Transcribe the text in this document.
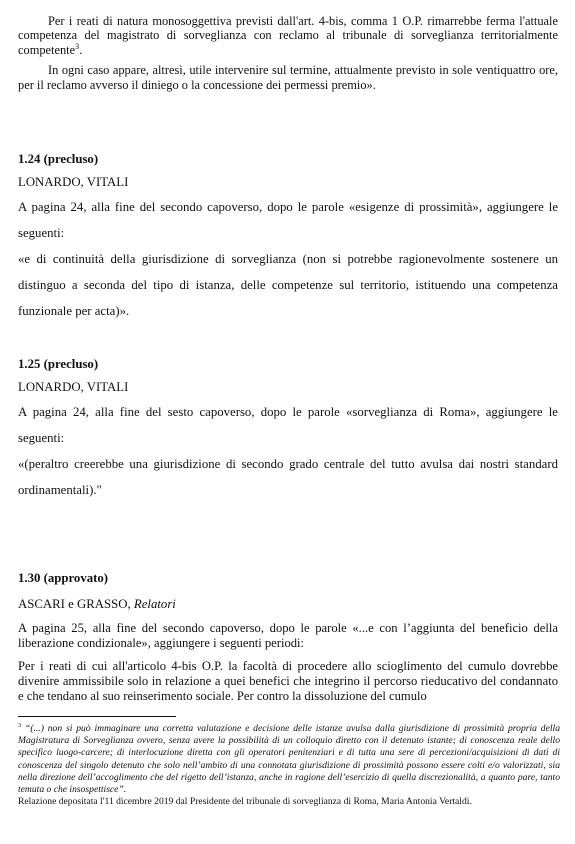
Per i reati di natura monosoggettiva previsti dall'art. 4-bis, comma 1 O.P. rimarrebbe ferma l'attuale competenza del magistrato di sorveglianza con reclamo al tribunale di sorveglianza territorialmente competente$^3$.

In ogni caso appare, altresì, utile intervenire sul termine, attualmente previsto in sole ventiquattro ore, per il reclamo avverso il diniego o la concessione dei permessi premio».

1.24 (precluso)

LONARDO, VITALI

A pagina 24, alla fine del secondo capoverso, dopo le parole «esigenze di prossimità», aggiungere le seguenti:

«e di continuità della giurisdizione di sorveglianza (non si potrebbe ragionevolmente sostenere un distinguo a seconda del tipo di istanza, delle competenze sul territorio, istituendo una competenza funzionale per acta)».

1.25 (precluso)

LONARDO, VITALI

A pagina 24, alla fine del sesto capoverso, dopo le parole «sorveglianza di Roma», aggiungere le seguenti:

«(peraltro creerebbe una giurisdizione di secondo grado centrale del tutto avulsa dai nostri standard ordinamentali)."

1.30 (approvato)

ASCARI e GRASSO, Relatori

A pagina 25, alla fine del secondo capoverso, dopo le parole «...e con l’aggiunta del beneficio della liberazione condizionale», aggiungere i seguenti periodi:

Per i reati di cui all'articolo 4-bis O.P. la facoltà di procedere allo scioglimento del cumulo dovrebbe divenire ammissibile solo in relazione a quei benefici che integrino il percorso rieducativo del condannato e che tendano al suo reinserimento sociale. Per contro la dissoluzione del cumulo

$^3$ “(...) non si può immaginare una corretta valutazione e decisione delle istanze avulsa dalla giurisdizione di prossimità propria della Magistratura di Sorveglianza ovvero, senza avere la possibilità di un colloquio diretto con il detenuto istante; di conoscenza reale dello specifico luogo-carcere; di interlocuzione diretta con gli operatori penitenziari e di tutta una sere di percezioni/acquisizioni di dati di conoscenza del singolo detenuto che solo nell’ambito di una connotata giurisdizione di prossimità possono essere colti e/o valorizzati, sia nella direzione dell’accoglimento che del rigetto dell’istanza, anche in ragione dell’esercizio di quella discrezionalità, a quanto pare, tanto temuta o che insospettisce”.

Relazione depositata l'11 dicembre 2019 dal Presidente del tribunale di sorveglianza di Roma, Maria Antonia Vertaldi.
